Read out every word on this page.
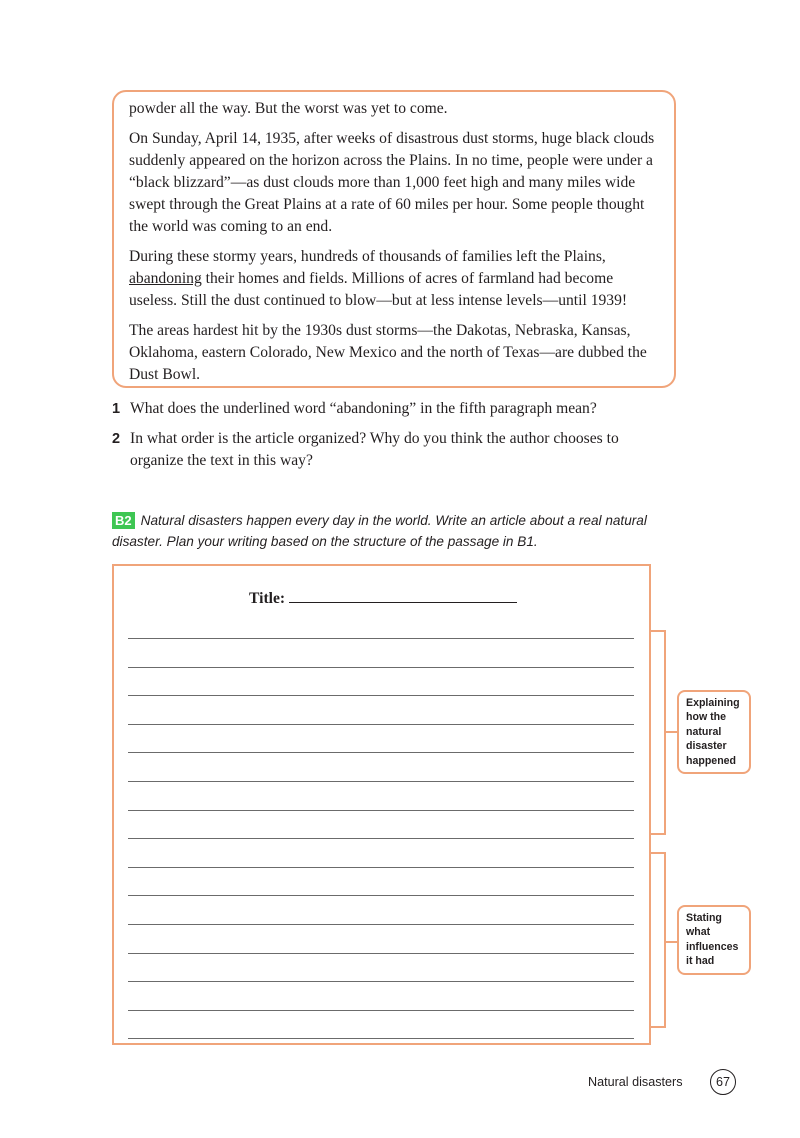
powder all the way. But the worst was yet to come.

On Sunday, April 14, 1935, after weeks of disastrous dust storms, huge black clouds suddenly appeared on the horizon across the Plains. In no time, people were under a “black blizzard”—as dust clouds more than 1,000 feet high and many miles wide swept through the Great Plains at a rate of 60 miles per hour. Some people thought the world was coming to an end.

During these stormy years, hundreds of thousands of families left the Plains, abandoning their homes and fields. Millions of acres of farmland had become useless. Still the dust continued to blow—but at less intense levels—until 1939!

The areas hardest hit by the 1930s dust storms—the Dakotas, Nebraska, Kansas, Oklahoma, eastern Colorado, New Mexico and the north of Texas—are dubbed the Dust Bowl.

1 What does the underlined word “abandoning” in the fifth paragraph mean?
2 In what order is the article organized? Why do you think the author chooses to organize the text in this way?
B2 Natural disasters happen every day in the world. Write an article about a real natural disaster. Plan your writing based on the structure of the passage in B1.
Title:
Explaining how the natural disaster happened
Stating what influences it had
Natural disasters	67
